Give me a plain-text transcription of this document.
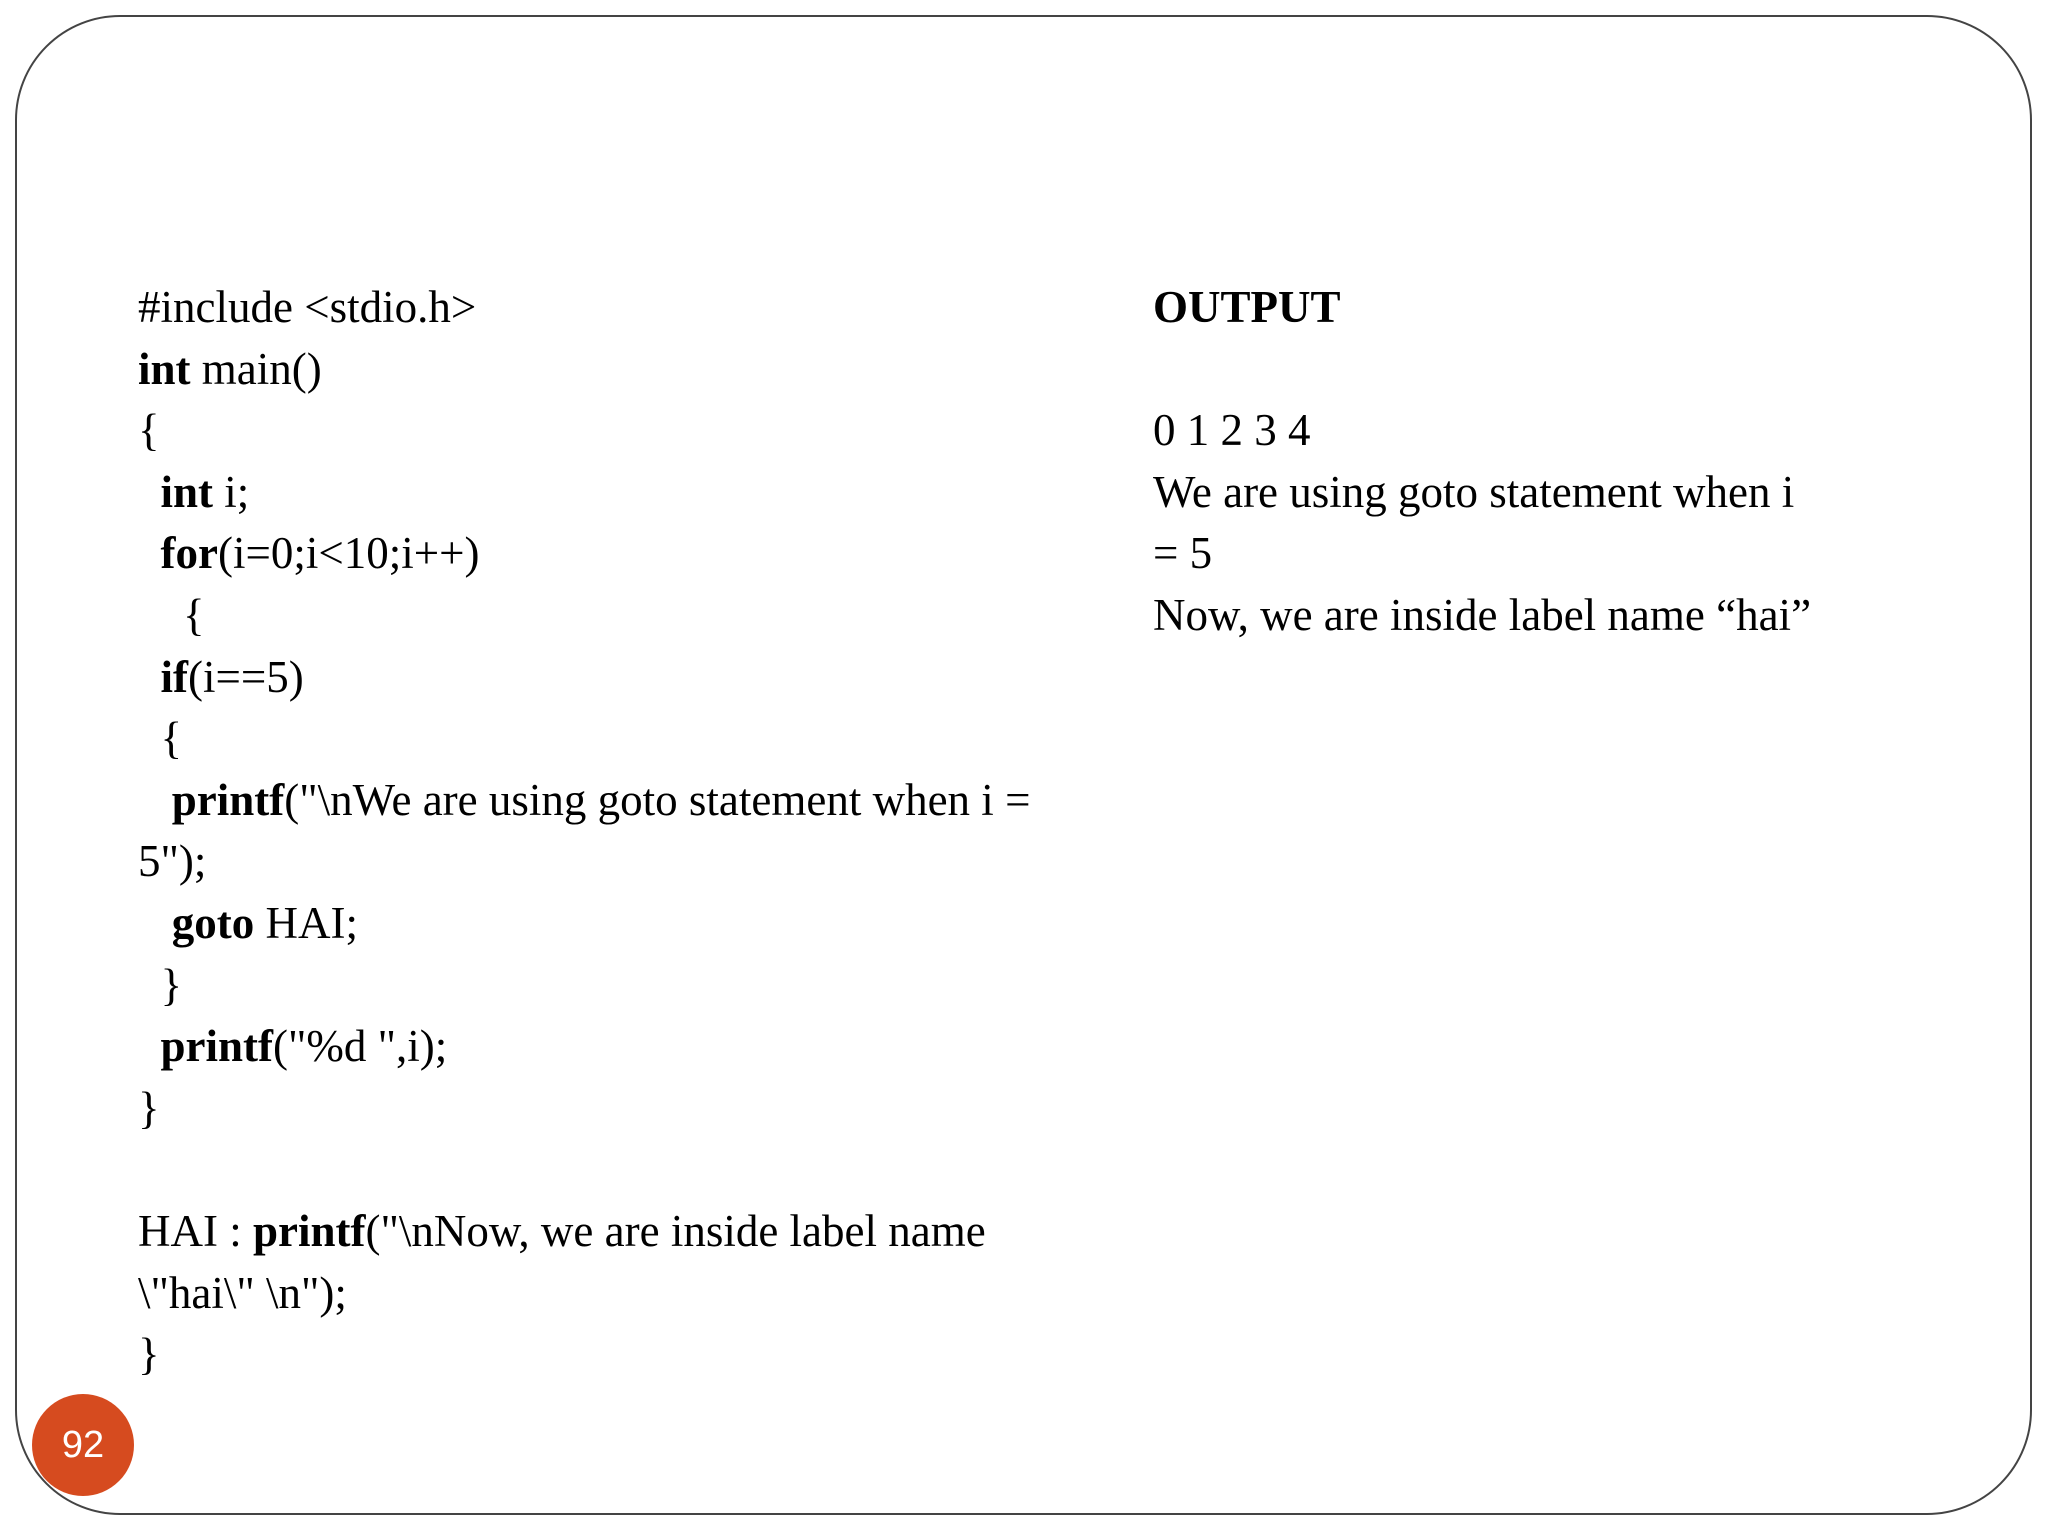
#include <stdio.h>
int main()
{
int i;
for(i=0;i<10;i++)
{
if(i==5)
{
printf("\nWe are using goto statement when i =
5");
goto HAI;
}
printf("%d ",i);
}
HAI : printf("\nNow, we are inside label name
\"hai\" \n");
}
OUTPUT
0 1 2 3 4
We are using goto statement when i
= 5
Now, we are inside label name “hai”
92
